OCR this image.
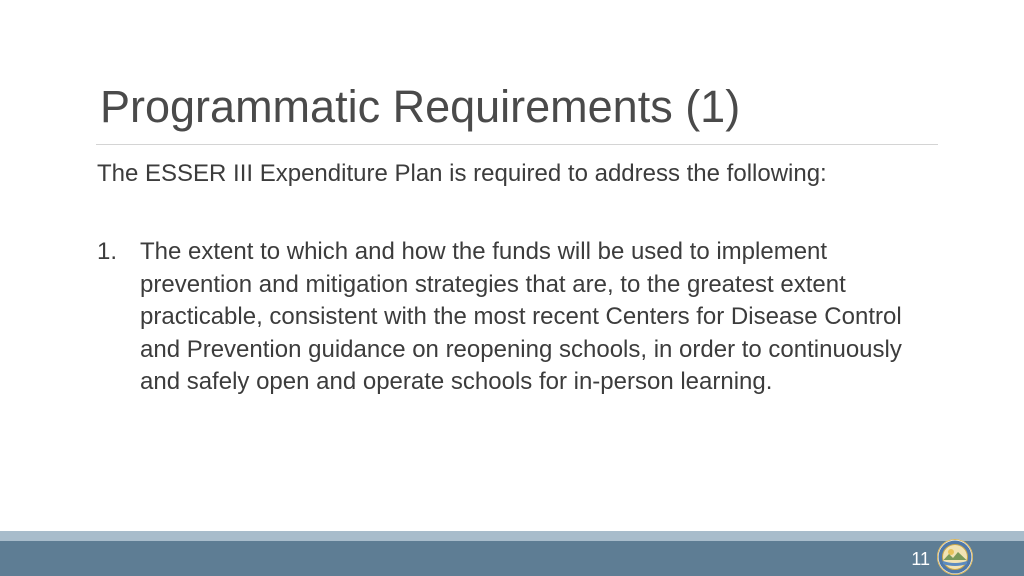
Programmatic Requirements (1)

The ESSER III Expenditure Plan is required to address the following:

1. The extent to which and how the funds will be used to implement prevention and mitigation strategies that are, to the greatest extent practicable, consistent with the most recent Centers for Disease Control and Prevention guidance on reopening schools, in order to continuously and safely open and operate schools for in-person learning.
11
